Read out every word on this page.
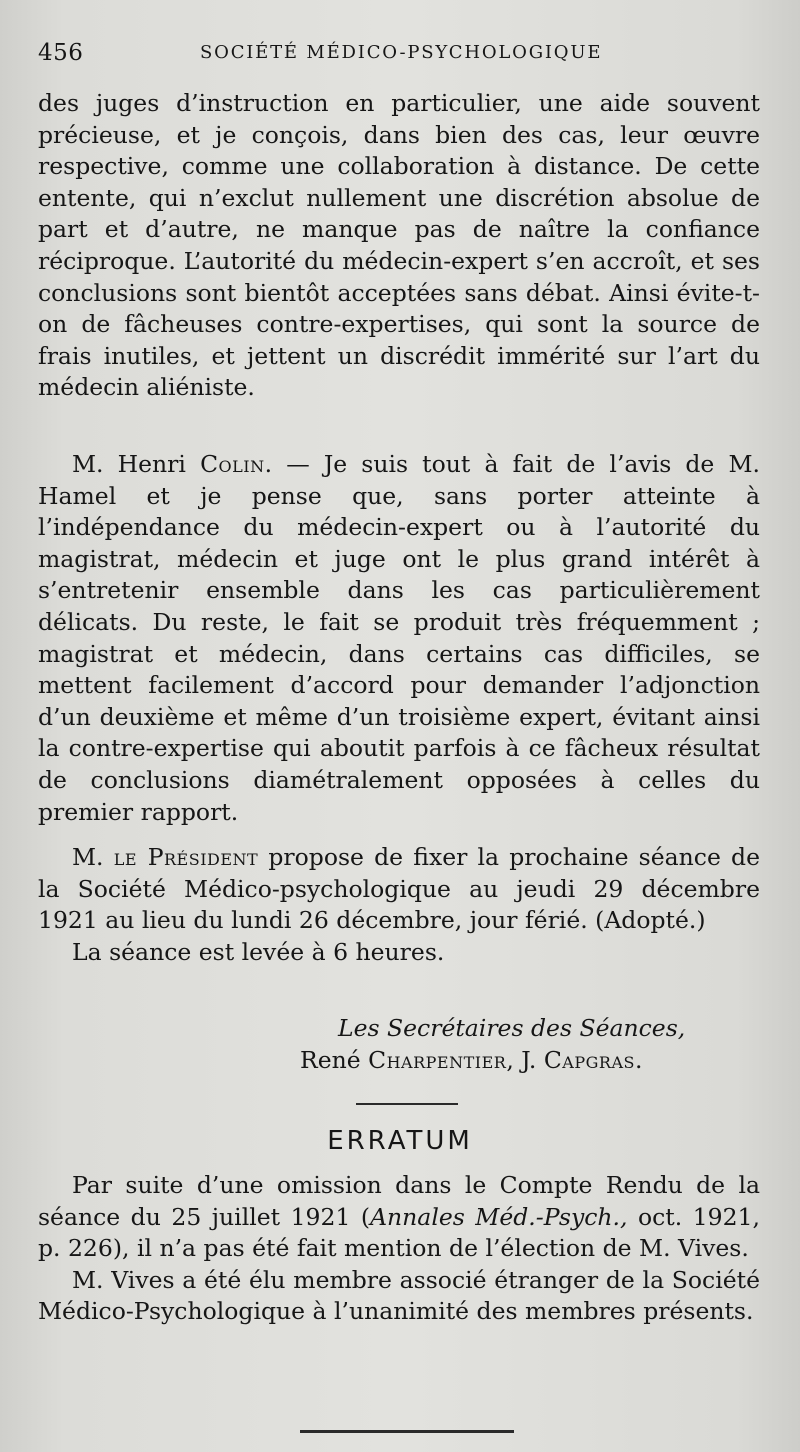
456	SOCIÉTÉ MÉDICO-PSYCHOLOGIQUE

des juges d’instruction en particulier, une aide souvent précieuse, et je conçois, dans bien des cas, leur œuvre respective, comme une collaboration à distance. De cette entente, qui n’exclut nullement une discrétion absolue de part et d’autre, ne manque pas de naître la confiance réciproque. L’autorité du médecin-expert s’en accroît, et ses conclusions sont bientôt acceptées sans débat. Ainsi évite-t-on de fâcheuses contre-expertises, qui sont la source de frais inutiles, et jettent un discrédit immérité sur l’art du médecin aliéniste.

M. Henri Colin. — Je suis tout à fait de l’avis de M. Hamel et je pense que, sans porter atteinte à l’indépendance du médecin-expert ou à l’autorité du magistrat, médecin et juge ont le plus grand intérêt à s’entretenir ensemble dans les cas particulièrement délicats. Du reste, le fait se produit très fréquemment ; magistrat et médecin, dans certains cas difficiles, se mettent facilement d’accord pour demander l’adjonction d’un deuxième et même d’un troisième expert, évitant ainsi la contre-expertise qui aboutit parfois à ce fâcheux résultat de conclusions diamétralement opposées à celles du premier rapport.

M. le Président propose de fixer la prochaine séance de la Société Médico-psychologique au jeudi 29 décembre 1921 au lieu du lundi 26 décembre, jour férié. (Adopté.)

La séance est levée à 6 heures.

Les Secrétaires des Séances,
René Charpentier, J. Capgras.
ERRATUM

Par suite d’une omission dans le Compte Rendu de la séance du 25 juillet 1921 (Annales Méd.-Psych., oct. 1921, p. 226), il n’a pas été fait mention de l’élection de M. Vives.

M. Vives a été élu membre associé étranger de la Société Médico-Psychologique à l’unanimité des membres présents.
